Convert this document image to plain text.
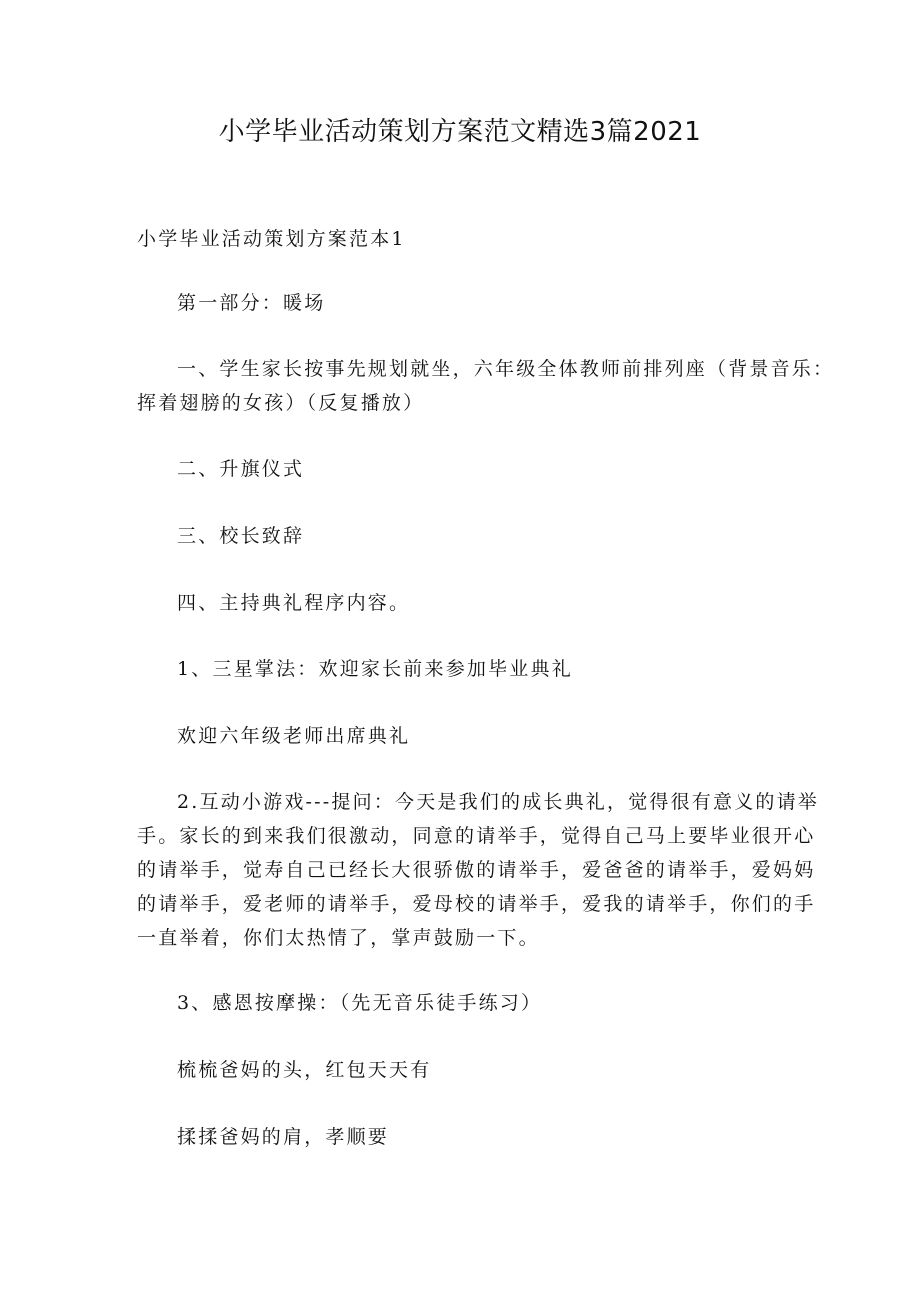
小学毕业活动策划方案范文精选3篇2021

小学毕业活动策划方案范本1

第一部分：暖场

一、学生家长按事先规划就坐，六年级全体教师前排列座（背景音乐：
挥着翅膀的女孩）（反复播放）

二、升旗仪式

三、校长致辞

四、主持典礼程序内容。

1、三星掌法：欢迎家长前来参加毕业典礼

欢迎六年级老师出席典礼

2.互动小游戏---提问：今天是我们的成长典礼，觉得很有意义的请举
手。家长的到来我们很激动，同意的请举手，觉得自己马上要毕业很开心
的请举手，觉寿自己已经长大很骄傲的请举手，爱爸爸的请举手，爱妈妈
的请举手，爱老师的请举手，爱母校的请举手，爱我的请举手，你们的手
一直举着，你们太热情了，掌声鼓励一下。

3、感恩按摩操：（先无音乐徒手练习）

梳梳爸妈的头，红包天天有

揉揉爸妈的肩，孝顺要
